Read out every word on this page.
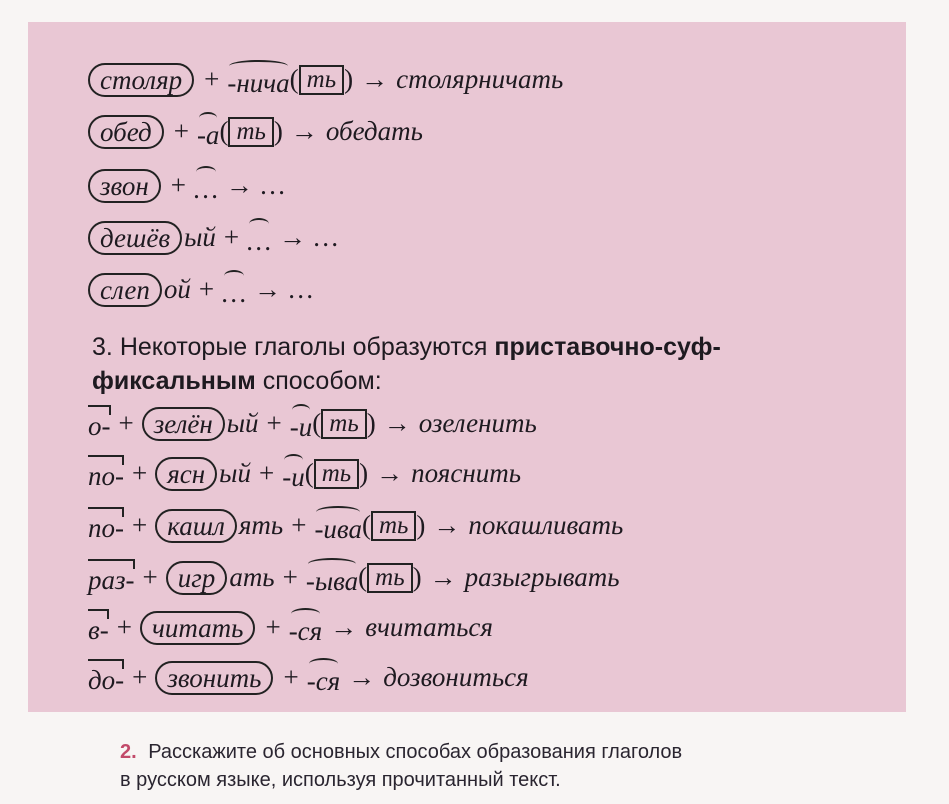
столяр + -нича ( ть ) → столярничать
обед + -а ( ть ) → обедать
звон + … → …
дешёв ый + … → …
слеп ой + … → …
3. Некоторые глаголы образуются приставочно-суф-
фиксальным способом:
о- + зелён ый + -и ( ть ) → озеленить
по- + ясн ый + -и ( ть ) → пояснить
по- + кашл ять + -ива ( ть ) → покашливать
раз- + игр ать + -ыва ( ть ) → разыгрывать
в- + читать + -ся → вчитаться
до- + звонить + -ся → дозвониться
2. Расскажите об основных способах образования глаголов
в русском языке, используя прочитанный текст.
